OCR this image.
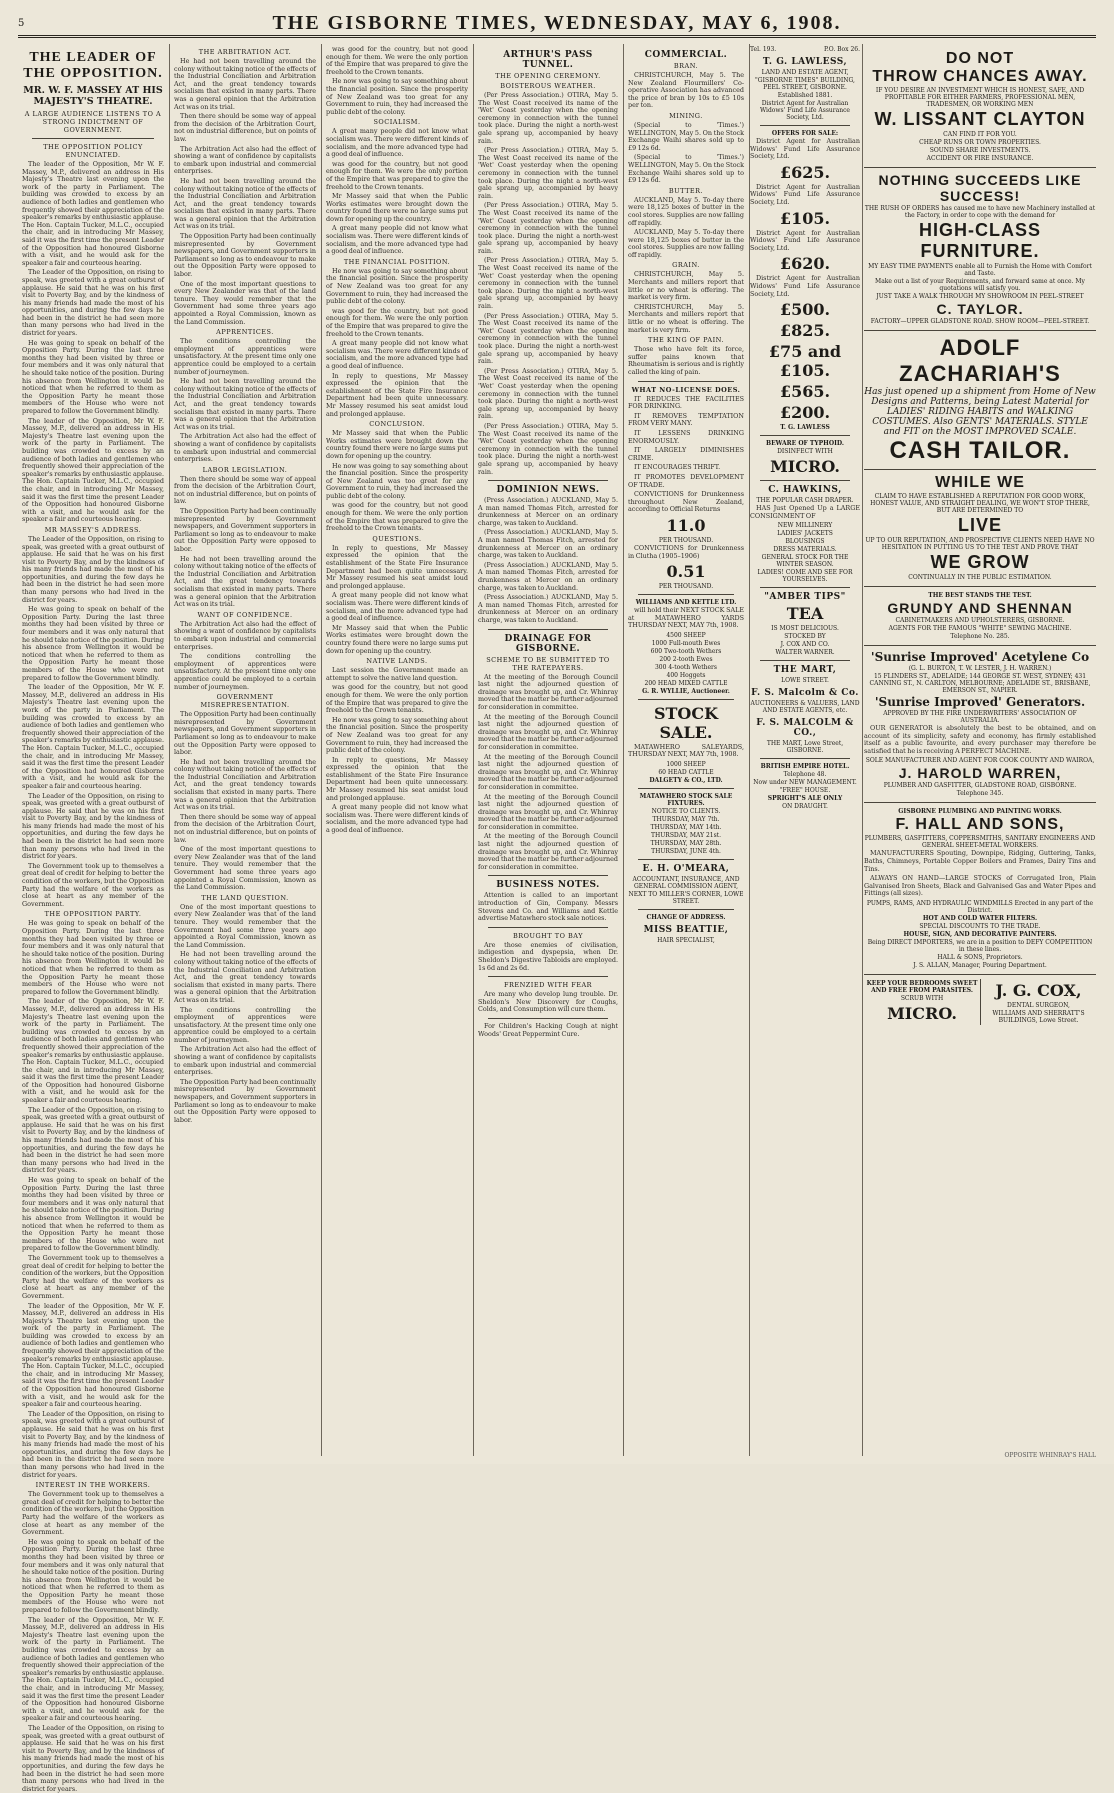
5	THE GISBORNE TIMES, WEDNESDAY, MAY 6, 1908.
THE LEADER OF THE OPPOSITION.
MR. W. F. MASSEY AT HIS MAJESTY'S THEATRE.
A LARGE AUDIENCE LISTENS TO A STRONG INDICTMENT OF GOVERNMENT.
THE OPPOSITION POLICY ENUNCIATED.

The leader of the Opposition, Mr W. F. Massey, M.P., delivered an address in His Majesty's Theatre last evening upon the work of the party in Parliament. The building was crowded to excess by an audience of both ladies and gentlemen who frequently showed their appreciation of the speaker's remarks by enthusiastic applause. The Hon. Captain Tucker, M.L.C., occupied the chair, and in introducing Mr Massey, said it was the first time the present Leader of the Opposition had honoured Gisborne with a visit, and he would ask for the speaker a fair and courteous hearing.

The Leader of the Opposition, on rising to speak, was greeted with a great outburst of applause. He said that he was on his first visit to Poverty Bay, and by the kindness of his many friends had made the most of his opportunities, and during the few days he had been in the district he had seen more than many persons who had lived in the district for years.

He was going to speak on behalf of the Opposition Party. During the last three months they had been visited by three or four members and it was only natural that he should take notice of the position. During his absence from Wellington it would be noticed that when he referred to them as the Opposition Party he meant those members of the House who were not prepared to follow the Government blindly.

The leader of the Opposition, Mr W. F. Massey, M.P., delivered an address in His Majesty's Theatre last evening upon the work of the party in Parliament. The building was crowded to excess by an audience of both ladies and gentlemen who frequently showed their appreciation of the speaker's remarks by enthusiastic applause. The Hon. Captain Tucker, M.L.C., occupied the chair, and in introducing Mr Massey, said it was the first time the present Leader of the Opposition had honoured Gisborne with a visit, and he would ask for the speaker a fair and courteous hearing.

MR MASSEY'S ADDRESS.

The Leader of the Opposition, on rising to speak, was greeted with a great outburst of applause. He said that he was on his first visit to Poverty Bay, and by the kindness of his many friends had made the most of his opportunities, and during the few days he had been in the district he had seen more than many persons who had lived in the district for years.

He was going to speak on behalf of the Opposition Party. During the last three months they had been visited by three or four members and it was only natural that he should take notice of the position. During his absence from Wellington it would be noticed that when he referred to them as the Opposition Party he meant those members of the House who were not prepared to follow the Government blindly.

The leader of the Opposition, Mr W. F. Massey, M.P., delivered an address in His Majesty's Theatre last evening upon the work of the party in Parliament. The building was crowded to excess by an audience of both ladies and gentlemen who frequently showed their appreciation of the speaker's remarks by enthusiastic applause. The Hon. Captain Tucker, M.L.C., occupied the chair, and in introducing Mr Massey, said it was the first time the present Leader of the Opposition had honoured Gisborne with a visit, and he would ask for the speaker a fair and courteous hearing.

The Leader of the Opposition, on rising to speak, was greeted with a great outburst of applause. He said that he was on his first visit to Poverty Bay, and by the kindness of his many friends had made the most of his opportunities, and during the few days he had been in the district he had seen more than many persons who had lived in the district for years.

The Government took up to themselves a great deal of credit for helping to better the condition of the workers, but the Opposition Party had the welfare of the workers as close at heart as any member of the Government.

THE OPPOSITION PARTY.

He was going to speak on behalf of the Opposition Party. During the last three months they had been visited by three or four members and it was only natural that he should take notice of the position. During his absence from Wellington it would be noticed that when he referred to them as the Opposition Party he meant those members of the House who were not prepared to follow the Government blindly.

The leader of the Opposition, Mr W. F. Massey, M.P., delivered an address in His Majesty's Theatre last evening upon the work of the party in Parliament. The building was crowded to excess by an audience of both ladies and gentlemen who frequently showed their appreciation of the speaker's remarks by enthusiastic applause. The Hon. Captain Tucker, M.L.C., occupied the chair, and in introducing Mr Massey, said it was the first time the present Leader of the Opposition had honoured Gisborne with a visit, and he would ask for the speaker a fair and courteous hearing.

The Leader of the Opposition, on rising to speak, was greeted with a great outburst of applause. He said that he was on his first visit to Poverty Bay, and by the kindness of his many friends had made the most of his opportunities, and during the few days he had been in the district he had seen more than many persons who had lived in the district for years.

He was going to speak on behalf of the Opposition Party. During the last three months they had been visited by three or four members and it was only natural that he should take notice of the position. During his absence from Wellington it would be noticed that when he referred to them as the Opposition Party he meant those members of the House who were not prepared to follow the Government blindly.

The Government took up to themselves a great deal of credit for helping to better the condition of the workers, but the Opposition Party had the welfare of the workers as close at heart as any member of the Government.

The leader of the Opposition, Mr W. F. Massey, M.P., delivered an address in His Majesty's Theatre last evening upon the work of the party in Parliament. The building was crowded to excess by an audience of both ladies and gentlemen who frequently showed their appreciation of the speaker's remarks by enthusiastic applause. The Hon. Captain Tucker, M.L.C., occupied the chair, and in introducing Mr Massey, said it was the first time the present Leader of the Opposition had honoured Gisborne with a visit, and he would ask for the speaker a fair and courteous hearing.

The Leader of the Opposition, on rising to speak, was greeted with a great outburst of applause. He said that he was on his first visit to Poverty Bay, and by the kindness of his many friends had made the most of his opportunities, and during the few days he had been in the district he had seen more than many persons who had lived in the district for years.

INTEREST IN THE WORKERS.

The Government took up to themselves a great deal of credit for helping to better the condition of the workers, but the Opposition Party had the welfare of the workers as close at heart as any member of the Government.

He was going to speak on behalf of the Opposition Party. During the last three months they had been visited by three or four members and it was only natural that he should take notice of the position. During his absence from Wellington it would be noticed that when he referred to them as the Opposition Party he meant those members of the House who were not prepared to follow the Government blindly.

The leader of the Opposition, Mr W. F. Massey, M.P., delivered an address in His Majesty's Theatre last evening upon the work of the party in Parliament. The building was crowded to excess by an audience of both ladies and gentlemen who frequently showed their appreciation of the speaker's remarks by enthusiastic applause. The Hon. Captain Tucker, M.L.C., occupied the chair, and in introducing Mr Massey, said it was the first time the present Leader of the Opposition had honoured Gisborne with a visit, and he would ask for the speaker a fair and courteous hearing.

The Leader of the Opposition, on rising to speak, was greeted with a great outburst of applause. He said that he was on his first visit to Poverty Bay, and by the kindness of his many friends had made the most of his opportunities, and during the few days he had been in the district he had seen more than many persons who had lived in the district for years.

THE ARBITRATION ACT.

He had not been travelling around the colony without taking notice of the effects of the Industrial Conciliation and Arbitration Act, and the great tendency towards socialism that existed in many parts. There was a general opinion that the Arbitration Act was on its trial.

Then there should be some way of appeal from the decision of the Arbitration Court, not on industrial difference, but on points of law.

The Arbitration Act also had the effect of showing a want of confidence by capitalists to embark upon industrial and commercial enterprises.

He had not been travelling around the colony without taking notice of the effects of the Industrial Conciliation and Arbitration Act, and the great tendency towards socialism that existed in many parts. There was a general opinion that the Arbitration Act was on its trial.

The Opposition Party had been continually misrepresented by Government newspapers, and Government supporters in Parliament so long as to endeavour to make out the Opposition Party were opposed to labor.

One of the most important questions to every New Zealander was that of the land tenure. They would remember that the Government had some three years ago appointed a Royal Commission, known as the Land Commission.

APPRENTICES.

The conditions controlling the employment of apprentices were unsatisfactory. At the present time only one apprentice could be employed to a certain number of journeymen.

He had not been travelling around the colony without taking notice of the effects of the Industrial Conciliation and Arbitration Act, and the great tendency towards socialism that existed in many parts. There was a general opinion that the Arbitration Act was on its trial.

The Arbitration Act also had the effect of showing a want of confidence by capitalists to embark upon industrial and commercial enterprises.

LABOR LEGISLATION.

Then there should be some way of appeal from the decision of the Arbitration Court, not on industrial difference, but on points of law.

The Opposition Party had been continually misrepresented by Government newspapers, and Government supporters in Parliament so long as to endeavour to make out the Opposition Party were opposed to labor.

He had not been travelling around the colony without taking notice of the effects of the Industrial Conciliation and Arbitration Act, and the great tendency towards socialism that existed in many parts. There was a general opinion that the Arbitration Act was on its trial.

WANT OF CONFIDENCE.

The Arbitration Act also had the effect of showing a want of confidence by capitalists to embark upon industrial and commercial enterprises.

The conditions controlling the employment of apprentices were unsatisfactory. At the present time only one apprentice could be employed to a certain number of journeymen.

GOVERNMENT MISREPRESENTATION.

The Opposition Party had been continually misrepresented by Government newspapers, and Government supporters in Parliament so long as to endeavour to make out the Opposition Party were opposed to labor.

He had not been travelling around the colony without taking notice of the effects of the Industrial Conciliation and Arbitration Act, and the great tendency towards socialism that existed in many parts. There was a general opinion that the Arbitration Act was on its trial.

Then there should be some way of appeal from the decision of the Arbitration Court, not on industrial difference, but on points of law.

One of the most important questions to every New Zealander was that of the land tenure. They would remember that the Government had some three years ago appointed a Royal Commission, known as the Land Commission.

THE LAND QUESTION.

One of the most important questions to every New Zealander was that of the land tenure. They would remember that the Government had some three years ago appointed a Royal Commission, known as the Land Commission.

He had not been travelling around the colony without taking notice of the effects of the Industrial Conciliation and Arbitration Act, and the great tendency towards socialism that existed in many parts. There was a general opinion that the Arbitration Act was on its trial.

The conditions controlling the employment of apprentices were unsatisfactory. At the present time only one apprentice could be employed to a certain number of journeymen.

The Arbitration Act also had the effect of showing a want of confidence by capitalists to embark upon industrial and commercial enterprises.

The Opposition Party had been continually misrepresented by Government newspapers, and Government supporters in Parliament so long as to endeavour to make out the Opposition Party were opposed to labor.

was good for the country, but not good enough for them. We were the only portion of the Empire that was prepared to give the freehold to the Crown tenants.

He now was going to say something about the financial position. Since the prosperity of New Zealand was too great for any Government to ruin, they had increased the public debt of the colony.

SOCIALISM.

A great many people did not know what socialism was. There were different kinds of socialism, and the more advanced type had a good deal of influence.

was good for the country, but not good enough for them. We were the only portion of the Empire that was prepared to give the freehold to the Crown tenants.

Mr Massey said that when the Public Works estimates were brought down the country found there were no large sums put down for opening up the country.

A great many people did not know what socialism was. There were different kinds of socialism, and the more advanced type had a good deal of influence.

THE FINANCIAL POSITION.

He now was going to say something about the financial position. Since the prosperity of New Zealand was too great for any Government to ruin, they had increased the public debt of the colony.

was good for the country, but not good enough for them. We were the only portion of the Empire that was prepared to give the freehold to the Crown tenants.

A great many people did not know what socialism was. There were different kinds of socialism, and the more advanced type had a good deal of influence.

In reply to questions, Mr Massey expressed the opinion that the establishment of the State Fire Insurance Department had been quite unnecessary. Mr Massey resumed his seat amidst loud and prolonged applause.

CONCLUSION.

Mr Massey said that when the Public Works estimates were brought down the country found there were no large sums put down for opening up the country.

He now was going to say something about the financial position. Since the prosperity of New Zealand was too great for any Government to ruin, they had increased the public debt of the colony.

was good for the country, but not good enough for them. We were the only portion of the Empire that was prepared to give the freehold to the Crown tenants.

QUESTIONS.

In reply to questions, Mr Massey expressed the opinion that the establishment of the State Fire Insurance Department had been quite unnecessary. Mr Massey resumed his seat amidst loud and prolonged applause.

A great many people did not know what socialism was. There were different kinds of socialism, and the more advanced type had a good deal of influence.

Mr Massey said that when the Public Works estimates were brought down the country found there were no large sums put down for opening up the country.

NATIVE LANDS.

Last session the Government made an attempt to solve the native land question.

was good for the country, but not good enough for them. We were the only portion of the Empire that was prepared to give the freehold to the Crown tenants.

He now was going to say something about the financial position. Since the prosperity of New Zealand was too great for any Government to ruin, they had increased the public debt of the colony.

In reply to questions, Mr Massey expressed the opinion that the establishment of the State Fire Insurance Department had been quite unnecessary. Mr Massey resumed his seat amidst loud and prolonged applause.

A great many people did not know what socialism was. There were different kinds of socialism, and the more advanced type had a good deal of influence.

ARTHUR'S PASS TUNNEL.
THE OPENING CEREMONY.
BOISTEROUS WEATHER.

(Per Press Association.) OTIRA, May 5. The West Coast received its name of the 'Wet' Coast yesterday when the opening ceremony in connection with the tunnel took place. During the night a north-west gale sprang up, accompanied by heavy rain.

(Per Press Association.) OTIRA, May 5. The West Coast received its name of the 'Wet' Coast yesterday when the opening ceremony in connection with the tunnel took place. During the night a north-west gale sprang up, accompanied by heavy rain.

(Per Press Association.) OTIRA, May 5. The West Coast received its name of the 'Wet' Coast yesterday when the opening ceremony in connection with the tunnel took place. During the night a north-west gale sprang up, accompanied by heavy rain.

(Per Press Association.) OTIRA, May 5. The West Coast received its name of the 'Wet' Coast yesterday when the opening ceremony in connection with the tunnel took place. During the night a north-west gale sprang up, accompanied by heavy rain.

(Per Press Association.) OTIRA, May 5. The West Coast received its name of the 'Wet' Coast yesterday when the opening ceremony in connection with the tunnel took place. During the night a north-west gale sprang up, accompanied by heavy rain.

(Per Press Association.) OTIRA, May 5. The West Coast received its name of the 'Wet' Coast yesterday when the opening ceremony in connection with the tunnel took place. During the night a north-west gale sprang up, accompanied by heavy rain.

(Per Press Association.) OTIRA, May 5. The West Coast received its name of the 'Wet' Coast yesterday when the opening ceremony in connection with the tunnel took place. During the night a north-west gale sprang up, accompanied by heavy rain.

DOMINION NEWS.

(Press Association.) AUCKLAND, May 5. A man named Thomas Fitch, arrested for drunkenness at Mercer on an ordinary charge, was taken to Auckland.

(Press Association.) AUCKLAND, May 5. A man named Thomas Fitch, arrested for drunkenness at Mercer on an ordinary charge, was taken to Auckland.

(Press Association.) AUCKLAND, May 5. A man named Thomas Fitch, arrested for drunkenness at Mercer on an ordinary charge, was taken to Auckland.

(Press Association.) AUCKLAND, May 5. A man named Thomas Fitch, arrested for drunkenness at Mercer on an ordinary charge, was taken to Auckland.

DRAINAGE FOR GISBORNE.
SCHEME TO BE SUBMITTED TO THE RATEPAYERS.

At the meeting of the Borough Council last night the adjourned question of drainage was brought up, and Cr. Whinray moved that the matter be further adjourned for consideration in committee.

At the meeting of the Borough Council last night the adjourned question of drainage was brought up, and Cr. Whinray moved that the matter be further adjourned for consideration in committee.

At the meeting of the Borough Council last night the adjourned question of drainage was brought up, and Cr. Whinray moved that the matter be further adjourned for consideration in committee.

At the meeting of the Borough Council last night the adjourned question of drainage was brought up, and Cr. Whinray moved that the matter be further adjourned for consideration in committee.

At the meeting of the Borough Council last night the adjourned question of drainage was brought up, and Cr. Whinray moved that the matter be further adjourned for consideration in committee.

BUSINESS NOTES.

Attention is called to an important introduction of Gin, Company. Messrs Stevens and Co. and Williams and Kettle advertise Matawhero stock sale notices.

BROUGHT TO BAY

Are those enemies of civilisation, indigestion and dyspepsia, when Dr. Sheldon's Digestive Tabloids are employed. 1s 6d and 2s 6d.

FRENZIED WITH FEAR

Are many who develop lung trouble. Dr. Sheldon's New Discovery for Coughs, Colds, and Consumption will cure them.

For Children's Hacking Cough at night Woods' Great Peppermint Cure.

COMMERCIAL.
BRAN.

CHRISTCHURCH, May 5. The New Zealand Flourmillers' Co-operative Association has advanced the price of bran by 10s to £5 10s per ton.

MINING.

(Special to 'Times.') WELLINGTON, May 5. On the Stock Exchange Waihi shares sold up to £9 12s 6d.

(Special to 'Times.') WELLINGTON, May 5. On the Stock Exchange Waihi shares sold up to £9 12s 6d.

BUTTER.

AUCKLAND, May 5. To-day there were 18,125 boxes of butter in the cool stores. Supplies are now falling off rapidly.

AUCKLAND, May 5. To-day there were 18,125 boxes of butter in the cool stores. Supplies are now falling off rapidly.

GRAIN.

CHRISTCHURCH, May 5. Merchants and millers report that little or no wheat is offering. The market is very firm.

CHRISTCHURCH, May 5. Merchants and millers report that little or no wheat is offering. The market is very firm.

THE KING OF PAIN.

Those who have felt its force, suffer pains known that Rheumatism is serious and is rightly called the king of pain.

WHAT NO-LICENSE DOES.

IT REDUCES THE FACILITIES FOR DRINKING.

IT REMOVES TEMPTATION FROM VERY MANY.

IT LESSENS DRINKING ENORMOUSLY.

IT LARGELY DIMINISHES CRIME.

IT ENCOURAGES THRIFT.

IT PROMOTES DEVELOPMENT OF TRADE.

CONVICTIONS for Drunkenness throughout New Zealand, according to Official Returns

11.0
PER THOUSAND.

CONVICTIONS for Drunkenness in Clutha (1905–1906)

0.51
PER THOUSAND.
WILLIAMS AND KETTLE LTD.

will hold their NEXT STOCK SALE at MATAWHERO YARDS THURSDAY NEXT, MAY 7th, 1908.

4500 SHEEP
1000 Full-mouth Ewes
600 Two-tooth Wethers
200 2-tooth Ewes
300 4-tooth Wethers
400 Hoggets
200 HEAD MIXED CATTLE
G. R. WYLLIE, Auctioneer.
STOCK SALE.

MATAWHERO SALEYARDS, THURSDAY NEXT, MAY 7th, 1908.

1000 SHEEP
60 HEAD CATTLE
DALGETY & CO., LTD.
MATAWHERO STOCK SALE FIXTURES.
NOTICE TO CLIENTS.
THURSDAY, MAY 7th.
THURSDAY, MAY 14th.
THURSDAY, MAY 21st.
THURSDAY, MAY 28th.
THURSDAY, JUNE 4th.
E. H. O'MEARA,
ACCOUNTANT, INSURANCE, AND GENERAL COMMISSION AGENT,
NEXT TO MILLER'S CORNER, LOWE STREET.
CHANGE OF ADDRESS.
MISS BEATTIE,
HAIR SPECIALIST,
Tel. 193.	P.O. Box 26.
T. G. LAWLESS,
LAND AND ESTATE AGENT,
"GISBORNE TIMES" BUILDING, PEEL STREET, GISBORNE.
Established 1881.
District Agent for Australian Widows' Fund Life Assurance Society, Ltd.
OFFERS FOR SALE:

District Agent for Australian Widows' Fund Life Assurance Society, Ltd.

£625.

District Agent for Australian Widows' Fund Life Assurance Society, Ltd.

£105.

District Agent for Australian Widows' Fund Life Assurance Society, Ltd.

£620.

District Agent for Australian Widows' Fund Life Assurance Society, Ltd.

£500.
£825.
£75 and £105.
£565.
£200.
T. G. LAWLESS
BEWARE OF TYPHOID.
DISINFECT WITH
MICRO.
C. HAWKINS,
THE POPULAR CASH DRAPER.

HAS Just Opened Up a LARGE CONSIGNMENT OF

NEW MILLINERY
LADIES' JACKETS
BLOUSINGS
DRESS MATERIALS.
GENERAL STOCK FOR THE WINTER SEASON.
LADIES! COME AND SEE FOR YOURSELVES.
"AMBER TIPS"
TEA
IS MOST DELICIOUS.
STOCKED BY
J. COX AND CO.
WALTER WARNER.
THE MART,
LOWE STREET.
F. S. Malcolm & Co.
AUCTIONEERS & VALUERS, LAND AND ESTATE AGENTS, etc.
F. S. MALCOLM & CO.,
THE MART, Lowe Street, GISBORNE.
BRITISH EMPIRE HOTEL.
Telephone 48.
Now under NEW MANAGEMENT.
"FREE" HOUSE.
SPRIGHT'S ALE ONLY
ON DRAUGHT.
DO NOT
THROW CHANCES AWAY.
IF YOU DESIRE AN INVESTMENT WHICH IS HONEST, SAFE, AND PROFITABLE FOR EITHER FARMERS, PROFESSIONAL MEN, TRADESMEN, OR WORKING MEN
W. LISSANT CLAYTON
CAN FIND IT FOR YOU.
CHEAP RUNS OR TOWN PROPERTIES.
SOUND SHARE INVESTMENTS.
ACCIDENT OR FIRE INSURANCE.
NOTHING SUCCEEDS LIKE SUCCESS!
THE RUSH OF ORDERS has caused me to have new Machinery installed at the Factory, in order to cope with the demand for
HIGH-CLASS FURNITURE.
MY EASY TIME PAYMENTS enable all to Furnish the Home with Comfort and Taste.
Make out a list of your Requirements, and forward same at once. My quotations will satisfy you.
JUST TAKE A WALK THROUGH MY SHOWROOM IN PEEL-STREET
C. TAYLOR.
FACTORY—UPPER GLADSTONE ROAD. SHOW ROOM—PEEL-STREET.
ADOLF ZACHARIAH'S
Has just opened up a shipment from Home of New Designs and Patterns, being Latest Material for LADIES' RIDING HABITS and WALKING COSTUMES. Also GENTS' MATERIALS. STYLE and FIT on the MOST IMPROVED SCALE.
CASH TAILOR.
WHILE WE
CLAIM TO HAVE ESTABLISHED A REPUTATION FOR GOOD WORK, HONEST VALUE, AND STRAIGHT DEALING, WE WON'T STOP THERE, BUT ARE DETERMINED TO
LIVE
UP TO OUR REPUTATION, AND PROSPECTIVE CLIENTS NEED HAVE NO HESITATION IN PUTTING US TO THE TEST AND PROVE THAT
WE GROW
CONTINUALLY IN THE PUBLIC ESTIMATION.
THE BEST STANDS THE TEST.
GRUNDY AND SHENNAN
CABINETMAKERS AND UPHOLSTERERS, GISBORNE.
AGENTS FOR THE FAMOUS "WHITE" SEWING MACHINE.
Telephone No. 285.
'Sunrise Improved' Acetylene Co
(G. L. BURTON, T. W. LESTER, J. H. WARREN.)
15 FLINDERS ST., ADELAIDE; 144 GEORGE ST. WEST, SYDNEY; 431 CANNING ST., N. CARLTON, MELBOURNE; ADELAIDE ST., BRISBANE, EMERSON ST., NAPIER.
'Sunrise Improved' Generators.
APPROVED BY THE FIRE UNDERWRITERS' ASSOCIATION OF AUSTRALIA.

OUR GENERATOR is absolutely the best to be obtained, and on account of its simplicity, safety and economy, has firmly established itself as a public favourite, and every purchaser may therefore be satisfied that he is receiving A PERFECT MACHINE.

SOLE MANUFACTURER AND AGENT FOR COOK COUNTY AND WAIROA,
J. HAROLD WARREN,
PLUMBER AND GASFITTER, GLADSTONE ROAD, GISBORNE.
Telephone 345.
GISBORNE PLUMBING AND PAINTING WORKS.
F. HALL AND SONS,
PLUMBERS, GASFITTERS, COPPERSMITHS, SANITARY ENGINEERS AND GENERAL SHEET-METAL WORKERS.

MANUFACTURERS Spouting, Downpipe, Ridging, Guttering, Tanks, Baths, Chimneys, Portable Copper Boilers and Frames, Dairy Tins and Tins.

ALWAYS ON HAND—LARGE STOCKS of Corrugated Iron, Plain Galvanised Iron Sheets, Black and Galvanised Gas and Water Pipes and Fittings (all sizes).

PUMPS, RAMS, AND HYDRAULIC WINDMILLS Erected in any part of the District.
HOT AND COLD WATER FILTERS.
SPECIAL DISCOUNTS TO THE TRADE.
HOUSE, SIGN, AND DECORATIVE PAINTERS.
Being DIRECT IMPORTERS, we are in a position to DEFY COMPETITION in these lines.
HALL & SONS, Proprietors.
J. S. ALLAN, Manager, Pouring Department.
KEEP YOUR BEDROOMS SWEET AND FREE FROM PARASITES.
SCRUB WITH
MICRO.
J. G. COX,
DENTAL SURGEON,
WILLIAMS AND SHERRATT'S BUILDINGS, Lowe Street.
OPPOSITE WHINRAY'S HALL
